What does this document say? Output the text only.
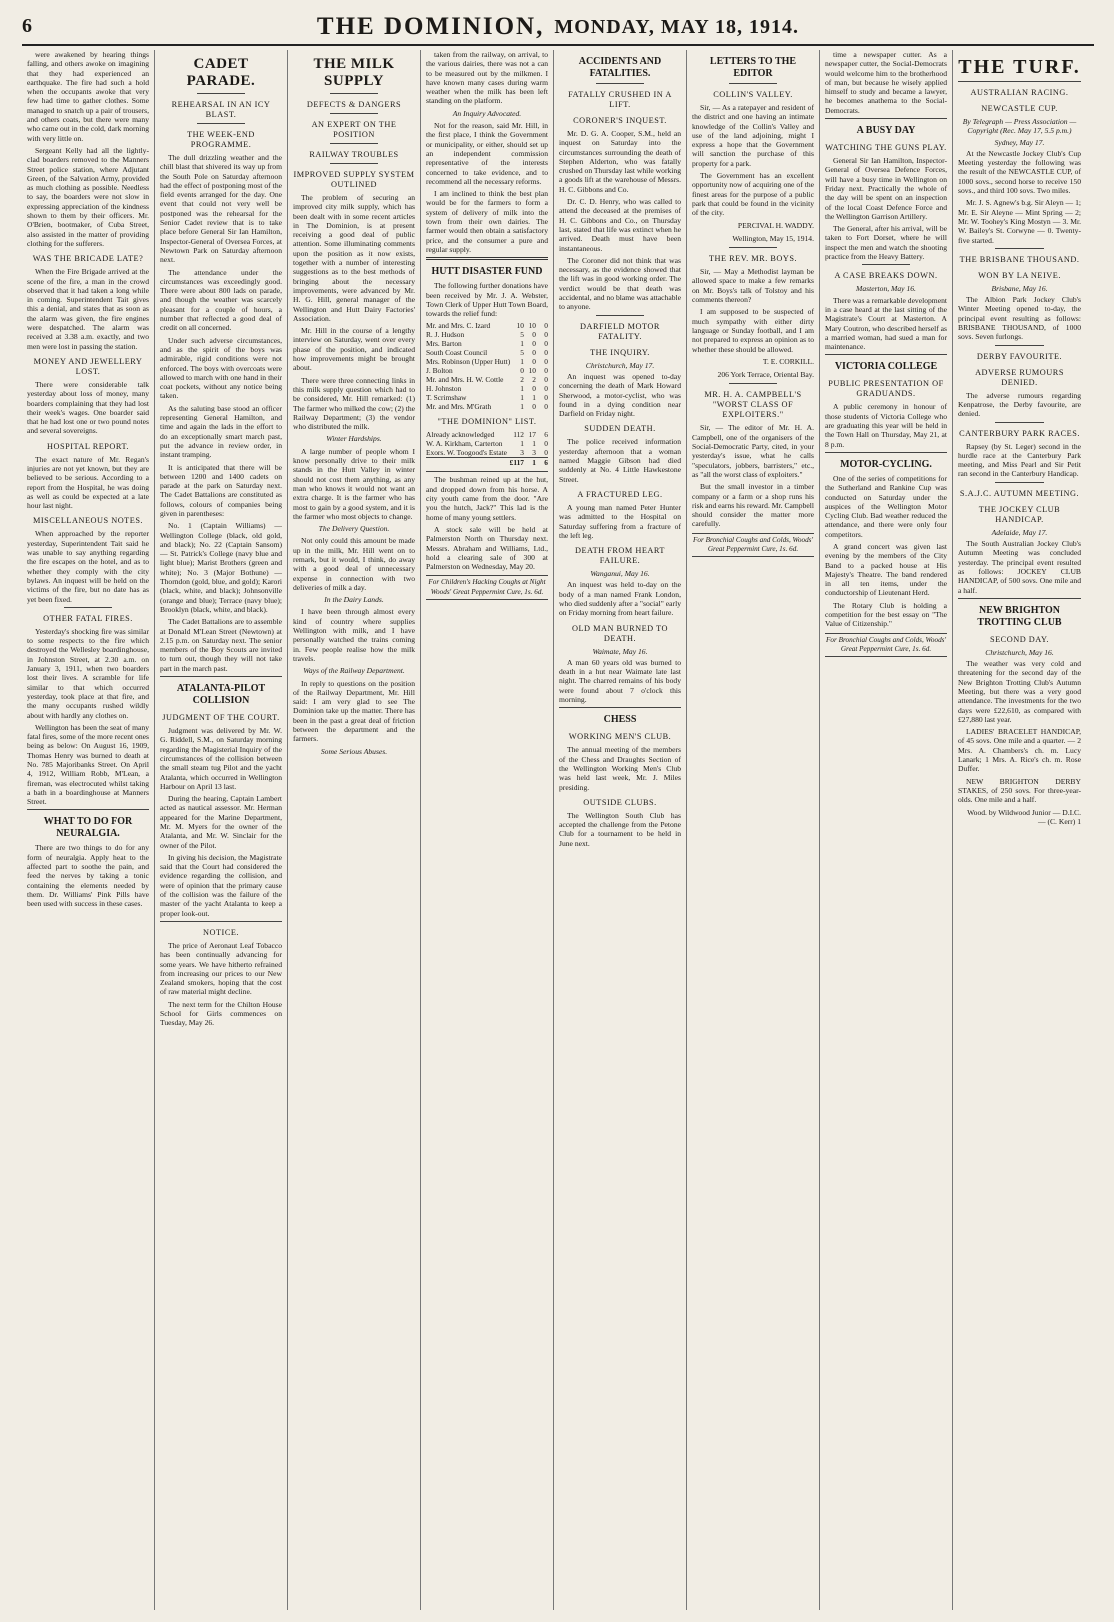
6	THE DOMINION, MONDAY, MAY 18, 1914.

were awakened by hearing things falling, and others awoke on imagining that they had experienced an earthquake. The fire had such a hold when the occupants awoke that very few had time to gather clothes. Some managed to snatch up a pair of trousers, and others coats, but there were many who came out in the cold, dark morning with very little on.

Sergeant Kelly had all the lightly-clad boarders removed to the Manners Street police station, where Adjutant Green, of the Salvation Army, provided as much clothing as possible. Needless to say, the boarders were not slow in expressing appreciation of the kindness shown to them by their officers. Mr. O'Brien, bootmaker, of Cuba Street, also assisted in the matter of providing clothing for the sufferers.

WAS THE BRICADE LATE?

When the Fire Brigade arrived at the scene of the fire, a man in the crowd observed that it had taken a long while in coming. Superintendent Tait gives this a denial, and states that as soon as the alarm was given, the fire engines were despatched. The alarm was received at 3.38 a.m. exactly, and two men were lost in passing the station.

MONEY AND JEWELLERY LOST.

There were considerable talk yesterday about loss of money, many boarders complaining that they had lost their week's wages. One boarder said that he had lost one or two pound notes and several sovereigns.

HOSPITAL REPORT.

The exact nature of Mr. Regan's injuries are not yet known, but they are believed to be serious. According to a report from the Hospital, he was doing as well as could be expected at a late hour last night.

MISCELLANEOUS NOTES.

When approached by the reporter yesterday, Superintendent Tait said he was unable to say anything regarding the fire escapes on the hotel, and as to whether they comply with the city bylaws. An inquest will be held on the victims of the fire, but no date has as yet been fixed.

OTHER FATAL FIRES.

Yesterday's shocking fire was similar to some respects to the fire which destroyed the Wellesley boardinghouse, in Johnston Street, at 2.30 a.m. on January 3, 1911, when two boarders lost their lives. A scramble for life similar to that which occurred yesterday, took place at that fire, and the many occupants rushed wildly about with hardly any clothes on.

Wellington has been the seat of many fatal fires, some of the more recent ones being as below: On August 16, 1909, Thomas Henry was burned to death at No. 785 Majoribanks Street. On April 4, 1912, William Robb, M'Lean, a fireman, was electrocuted whilst taking a bath in a boardinghouse at Manners Street.

WHAT TO DO FOR NEURALGIA.

There are two things to do for any form of neuralgia. Apply heat to the affected part to soothe the pain, and feed the nerves by taking a tonic containing the elements needed by them. Dr. Williams' Pink Pills have been used with success in these cases.

CADET PARADE.
REHEARSAL IN AN ICY BLAST.
THE WEEK-END PROGRAMME.

The dull drizzling weather and the chill blast that shivered its way up from the South Pole on Saturday afternoon had the effect of postponing most of the field events arranged for the day. One event that could not very well be postponed was the rehearsal for the Senior Cadet review that is to take place before General Sir Ian Hamilton, Inspector-General of Oversea Forces, at Newtown Park on Saturday afternoon next.

The attendance under the circumstances was exceedingly good. There were about 800 lads on parade, and though the weather was scarcely pleasant for a couple of hours, a number that reflected a good deal of credit on all concerned.

Under such adverse circumstances, and as the spirit of the boys was admirable, rigid conditions were not enforced. The boys with overcoats were allowed to march with one hand in their coat pockets, without any notice being taken.

As the saluting base stood an officer representing General Hamilton, and time and again the lads in the effort to do an exceptionally smart march past, put the advance in review order, in instant tramping.

It is anticipated that there will be between 1200 and 1400 cadets on parade at the park on Saturday next. The Cadet Battalions are constituted as follows, colours of companies being given in parentheses:

No. 1 (Captain Williams) — Wellington College (black, old gold, and black); No. 22 (Captain Sansom) — St. Patrick's College (navy blue and light blue); Marist Brothers (green and white); No. 3 (Major Bothune) — Thorndon (gold, blue, and gold); Karori (black, white, and black); Johnsonville (orange and blue); Terrace (navy blue); Brooklyn (black, white, and black).

The Cadet Battalions are to assemble at Donald M'Lean Street (Newtown) at 2.15 p.m. on Saturday next. The senior members of the Boy Scouts are invited to turn out, though they will not take part in the march past.

ATALANTA-PILOT COLLISION
JUDGMENT OF THE COURT.

Judgment was delivered by Mr. W. G. Riddell, S.M., on Saturday morning regarding the Magisterial Inquiry of the circumstances of the collision between the small steam tug Pilot and the yacht Atalanta, which occurred in Wellington Harbour on April 13 last.

During the hearing, Captain Lambert acted as nautical assessor. Mr. Herman appeared for the Marine Department, Mr. M. Myers for the owner of the Atalanta, and Mr. W. Sinclair for the owner of the Pilot.

In giving his decision, the Magistrate said that the Court had considered the evidence regarding the collision, and were of opinion that the primary cause of the collision was the failure of the master of the yacht Atalanta to keep a proper look-out.

NOTICE.

The price of Aeronaut Leaf Tobacco has been continually advancing for some years. We have hitherto refrained from increasing our prices to our New Zealand smokers, hoping that the cost of raw material might decline.

The next term for the Chilton House School for Girls commences on Tuesday, May 26.

THE MILK SUPPLY
DEFECTS & DANGERS
AN EXPERT ON THE POSITION
RAILWAY TROUBLES
IMPROVED SUPPLY SYSTEM OUTLINED

The problem of securing an improved city milk supply, which has been dealt with in some recent articles in The Dominion, is at present receiving a good deal of public attention. Some illuminating comments upon the position as it now exists, together with a number of interesting suggestions as to the best methods of bringing about the necessary improvements, were advanced by Mr. H. G. Hill, general manager of the Wellington and Hutt Dairy Factories' Association.

Mr. Hill in the course of a lengthy interview on Saturday, went over every phase of the position, and indicated how improvements might be brought about.

There were three connecting links in this milk supply question which had to be considered, Mr. Hill remarked: (1) The farmer who milked the cow; (2) the Railway Department; (3) the vendor who distributed the milk.

Winter Hardships.

A large number of people whom I know personally drive to their milk stands in the Hutt Valley in winter should not cost them anything, as any man who knows it would not want an extra charge. It is the farmer who has most to gain by a good system, and it is the farmer who most objects to change.

The Delivery Question.

Not only could this amount be made up in the milk, Mr. Hill went on to remark, but it would, I think, do away with a good deal of unnecessary expense in connection with two deliveries of milk a day.

In the Dairy Lands.

I have been through almost every kind of country where supplies Wellington with milk, and I have personally watched the trains coming in. Few people realise how the milk travels.

Ways of the Railway Department.

In reply to questions on the position of the Railway Department, Mr. Hill said: I am very glad to see The Dominion take up the matter. There has been in the past a great deal of friction between the department and the farmers.

Some Serious Abuses.

taken from the railway, on arrival, to the various dairies, there was not a can to be measured out by the milkmen. I have known many cases during warm weather when the milk has been left standing on the platform.

An Inquiry Advocated.

Not for the reason, said Mr. Hill, in the first place, I think the Government or municipality, or either, should set up an independent commission representative of the interests concerned to take evidence, and to recommend all the necessary reforms.

I am inclined to think the best plan would be for the farmers to form a system of delivery of milk into the town from their own dairies. The farmer would then obtain a satisfactory price, and the consumer a pure and regular supply.

HUTT DISASTER FUND

The following further donations have been received by Mr. J. A. Webster, Town Clerk of Upper Hutt Town Board, towards the relief fund:

Mr. and Mrs. C. Izard	10	10	0
R. J. Hudson	5	0	0
Mrs. Barton	1	0	0
South Coast Council	5	0	0
Mrs. Robinson (Upper Hutt)	1	0	0
J. Bolton	0	10	0
Mr. and Mrs. H. W. Cottle	2	2	0
H. Johnston	1	0	0
T. Scrimshaw	1	1	0
Mr. and Mrs. M'Grath	1	0	0
"THE DOMINION" LIST.
Already acknowledged	112	17	6
W. A. Kirkham, Carterton	1	1	0
Exors. W. Toogood's Estate	3	3	0
	£117	1	6

The bushman reined up at the hut, and dropped down from his horse. A city youth came from the door. "Are you the hutch, Jack?" This lad is the home of many young settlers.

A stock sale will be held at Palmerston North on Thursday next. Messrs. Abraham and Williams, Ltd., hold a clearing sale of 300 at Palmerston on Wednesday, May 20.

For Children's Hacking Coughs at Night Woods' Great Peppermint Cure, 1s. 6d.
ACCIDENTS AND FATALITIES.
FATALLY CRUSHED IN A LIFT.
CORONER'S INQUEST.

Mr. D. G. A. Cooper, S.M., held an inquest on Saturday into the circumstances surrounding the death of Stephen Alderton, who was fatally crushed on Thursday last while working a goods lift at the warehouse of Messrs. H. C. Gibbons and Co.

Dr. C. D. Henry, who was called to attend the deceased at the premises of H. C. Gibbons and Co., on Thursday last, stated that life was extinct when he arrived. Death must have been instantaneous.

The Coroner did not think that was necessary, as the evidence showed that the lift was in good working order. The verdict would be that death was accidental, and no blame was attachable to anyone.

DARFIELD MOTOR FATALITY.
THE INQUIRY.

Christchurch, May 17.

An inquest was opened to-day concerning the death of Mark Howard Sherwood, a motor-cyclist, who was found in a dying condition near Darfield on Friday night.

SUDDEN DEATH.

The police received information yesterday afternoon that a woman named Maggie Gibson had died suddenly at No. 4 Little Hawkestone Street.

A FRACTURED LEG.

A young man named Peter Hunter was admitted to the Hospital on Saturday suffering from a fracture of the left leg.

DEATH FROM HEART FAILURE.

Wanganui, May 16.

An inquest was held to-day on the body of a man named Frank London, who died suddenly after a "social" early on Friday morning from heart failure.

OLD MAN BURNED TO DEATH.

Waimate, May 16.

A man 60 years old was burned to death in a hut near Waimate late last night. The charred remains of his body were found about 7 o'clock this morning.

CHESS
WORKING MEN'S CLUB.

The annual meeting of the members of the Chess and Draughts Section of the Wellington Working Men's Club was held last week, Mr. J. Miles presiding.

OUTSIDE CLUBS.

The Wellington South Club has accepted the challenge from the Petone Club for a tournament to be held in June next.

LETTERS TO THE EDITOR
COLLIN'S VALLEY.

Sir, — As a ratepayer and resident of the district and one having an intimate knowledge of the Collin's Valley and use of the land adjoining, might I express a hope that the Government will sanction the purchase of this property for a park.

The Government has an excellent opportunity now of acquiring one of the finest areas for the purpose of a public park that could be found in the vicinity of the city.

PERCIVAL H. WADDY.
Wellington, May 15, 1914.
THE REV. MR. BOYS.

Sir, — May a Methodist layman be allowed space to make a few remarks on Mr. Boys's talk of Tolstoy and his comments thereon?

I am supposed to be suspected of much sympathy with either dirty language or Sunday football, and I am not prepared to express an opinion as to whether these should be allowed.

T. E. CORKILL.
206 York Terrace, Oriental Bay.
MR. H. A. CAMPBELL'S "WORST CLASS OF EXPLOITERS."

Sir, — The editor of Mr. H. A. Campbell, one of the organisers of the Social-Democratic Party, cited, in your yesterday's issue, what he calls "speculators, jobbers, barristers," etc., as "all the worst class of exploiters."

But the small investor in a timber company or a farm or a shop runs his risk and earns his reward. Mr. Campbell should consider the matter more carefully.

For Bronchial Coughs and Colds, Woods' Great Peppermint Cure, 1s. 6d.

time a newspaper cutter. As a newspaper cutter, the Social-Democrats would welcome him to the brotherhood of man, but because he wisely applied himself to study and became a lawyer, he becomes anathema to the Social-Democrats.

A BUSY DAY
WATCHING THE GUNS PLAY.

General Sir Ian Hamilton, Inspector-General of Oversea Defence Forces, will have a busy time in Wellington on Friday next. Practically the whole of the day will be spent on an inspection of the local Coast Defence Force and the Wellington Garrison Artillery.

The General, after his arrival, will be taken to Fort Dorset, where he will inspect the men and watch the shooting practice from the Heavy Battery.

A CASE BREAKS DOWN.

Masterton, May 16.

There was a remarkable development in a case heard at the last sitting of the Magistrate's Court at Masterton. A Mary Coutron, who described herself as a married woman, had sued a man for maintenance.

VICTORIA COLLEGE
PUBLIC PRESENTATION OF GRADUANDS.

A public ceremony in honour of those students of Victoria College who are graduating this year will be held in the Town Hall on Thursday, May 21, at 8 p.m.

MOTOR-CYCLING.

One of the series of competitions for the Sutherland and Rankine Cup was conducted on Saturday under the auspices of the Wellington Motor Cycling Club. Bad weather reduced the attendance, and there were only four competitors.

A grand concert was given last evening by the members of the City Band to a packed house at His Majesty's Theatre. The band rendered in all ten items, under the conductorship of Lieutenant Herd.

The Rotary Club is holding a competition for the best essay on "The Value of Citizenship."

For Bronchial Coughs and Colds, Woods' Great Peppermint Cure, 1s. 6d.
THE TURF.
AUSTRALIAN RACING.
NEWCASTLE CUP.

By Telegraph — Press Association — Copyright (Rec. May 17, 5.5 p.m.)

Sydney, May 17.

At the Newcastle Jockey Club's Cup Meeting yesterday the following was the result of the NEWCASTLE CUP, of 1000 sovs., second horse to receive 150 sovs., and third 100 sovs. Two miles.

Mr. J. S. Agnew's b.g. Sir Aleyn — 1; Mr. E. Sir Aleyne — Mint Spring — 2; Mr. W. Toohey's King Mostyn — 3. Mr. W. Bailey's St. Corwyne — 0. Twenty-five started.

THE BRISBANE THOUSAND.
WON BY LA NEIVE.

Brisbane, May 16.

The Albion Park Jockey Club's Winter Meeting opened to-day, the principal event resulting as follows: BRISBANE THOUSAND, of 1000 sovs. Seven furlongs.

DERBY FAVOURITE.
ADVERSE RUMOURS DENIED.

The adverse rumours regarding Kenpatrose, the Derby favourite, are denied.

CANTERBURY PARK RACES.

Rapsey (by St. Leger) second in the hurdle race at the Canterbury Park meeting, and Miss Pearl and Sir Petit ran second in the Canterbury Handicap.

S.A.J.C. AUTUMN MEETING.
THE JOCKEY CLUB HANDICAP.

Adelaide, May 17.

The South Australian Jockey Club's Autumn Meeting was concluded yesterday. The principal event resulted as follows: JOCKEY CLUB HANDICAP, of 500 sovs. One mile and a half.

NEW BRIGHTON TROTTING CLUB
SECOND DAY.

Christchurch, May 16.

The weather was very cold and threatening for the second day of the New Brighton Trotting Club's Autumn Meeting, but there was a very good attendance. The investments for the two days were £22,610, as compared with £27,880 last year.

LADIES' BRACELET HANDICAP, of 45 sovs. One mile and a quarter. — 2 Mrs. A. Chambers's ch. m. Lucy Lanark; 1 Mrs. A. Rice's ch. m. Rose Duffer.

NEW BRIGHTON DERBY STAKES, of 250 sovs. For three-year-olds. One mile and a half.

Wood. by Wildwood Junior — D.I.C. — (C. Kerr) 1
